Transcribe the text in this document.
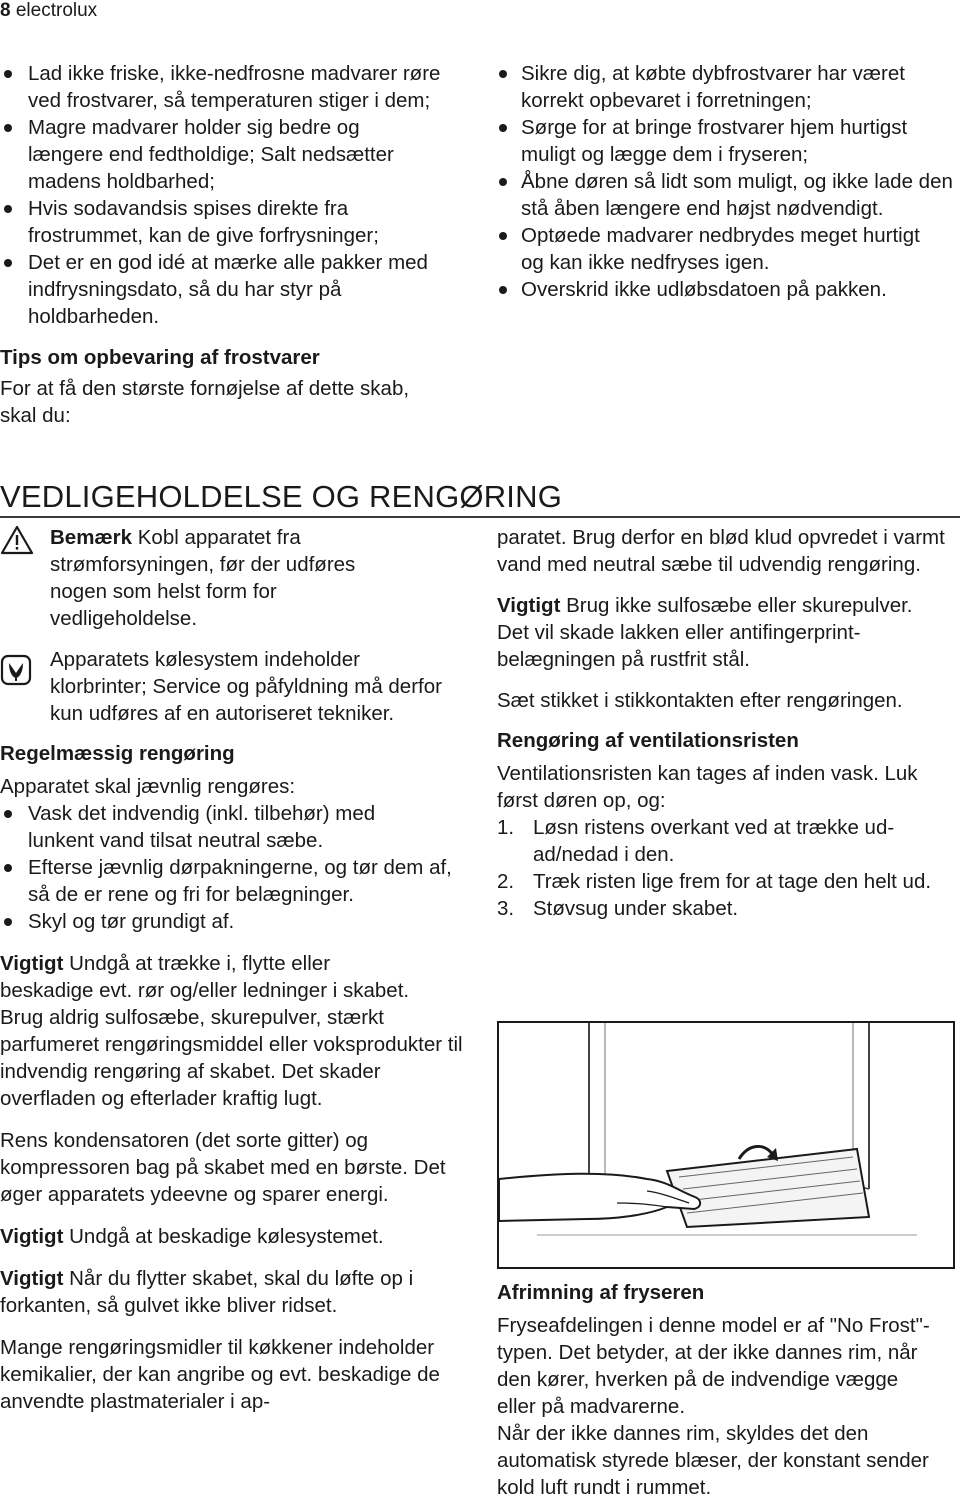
8 electrolux
Lad ikke friske, ikke-nedfrosne madvarer røre ved frostvarer, så temperaturen stiger i dem;
Magre madvarer holder sig bedre og længere end fedtholdige; Salt nedsætter madens holdbarhed;
Hvis sodavandsis spises direkte fra frostrummet, kan de give forfrysninger;
Det er en god idé at mærke alle pakker med indfrysningsdato, så du har styr på holdbarheden.
Tips om opbevaring af frostvarer

For at få den største fornøjelse af dette skab, skal du:

Sikre dig, at købte dybfrostvarer har været korrekt opbevaret i forretningen;
Sørge for at bringe frostvarer hjem hurtigst muligt og lægge dem i fryseren;
Åbne døren så lidt som muligt, og ikke lade den stå åben længere end højst nødvendigt.
Optøede madvarer nedbrydes meget hurtigt og kan ikke nedfryses igen.
Overskrid ikke udløbsdatoen på pakken.
VEDLIGEHOLDELSE OG RENGØRING

Bemærk Kobl apparatet fra strømforsyningen, før der udføres nogen som helst form for vedligeholdelse.

Apparatets kølesystem indeholder klorbrinter; Service og påfyldning må derfor kun udføres af en autoriseret tekniker.

Regelmæssig rengøring

Apparatet skal jævnlig rengøres:

Vask det indvendig (inkl. tilbehør) med lunkent vand tilsat neutral sæbe.
Efterse jævnlig dørpakningerne, og tør dem af, så de er rene og fri for belægninger.
Skyl og tør grundigt af.

Vigtigt Undgå at trække i, flytte eller beskadige evt. rør og/eller ledninger i skabet.

Brug aldrig sulfosæbe, skurepulver, stærkt parfumeret rengøringsmiddel eller voksprodukter til indvendig rengøring af skabet. Det skader overfladen og efterlader kraftig lugt.

Rens kondensatoren (det sorte gitter) og kompressoren bag på skabet med en børste. Det øger apparatets ydeevne og sparer energi.

Vigtigt Undgå at beskadige kølesystemet.

Vigtigt Når du flytter skabet, skal du løfte op i forkanten, så gulvet ikke bliver ridset.

Mange rengøringsmidler til køkkener indeholder kemikalier, der kan angribe og evt. beskadige de anvendte plastmaterialer i ap-

paratet. Brug derfor en blød klud opvredet i varmt vand med neutral sæbe til udvendig rengøring.

Vigtigt Brug ikke sulfosæbe eller skurepulver. Det vil skade lakken eller antifingerprint-belægningen på rustfrit stål.

Sæt stikket i stikkontakten efter rengøringen.

Rengøring af ventilationsristen

Ventilationsristen kan tages af inden vask. Luk først døren op, og:

1. Løsn ristens overkant ved at trække ud-ad/nedad i den.
2. Træk risten lige frem for at tage den helt ud.
3. Støvsug under skabet.
Afrimning af fryseren

Fryseafdelingen i denne model er af "No Frost"-typen. Det betyder, at der ikke dannes rim, når den kører, hverken på de indvendige vægge eller på madvarerne.

Når der ikke dannes rim, skyldes det den automatisk styrede blæser, der konstant sender kold luft rundt i rummet.
